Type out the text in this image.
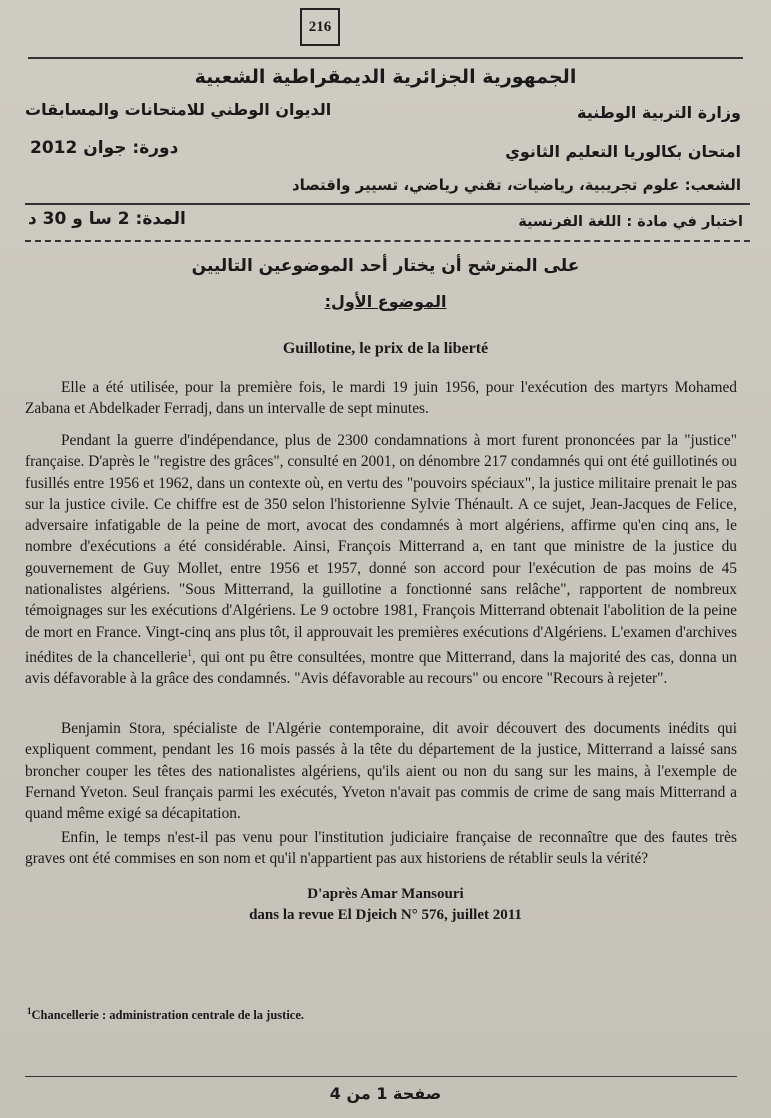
216
الجمهورية الجزائرية الديمقراطية الشعبية
وزارة التربية الوطنية
الديوان الوطني للامتحانات والمسابقات
امتحان بكالوريا التعليم الثانوي
دورة: جوان 2012
الشعب: علوم تجريبية، رياضيات، تقني رياضي، تسيير واقتصاد
اختبار في مادة : اللغة الفرنسية
المدة: 2 سا و 30 د
على المترشح أن يختار أحد الموضوعين التاليين
الموضوع الأول:
Guillotine, le prix de la liberté
Elle a été utilisée, pour la première fois, le mardi 19 juin 1956, pour l'exécution des martyrs Mohamed Zabana et Abdelkader Ferradj, dans un intervalle de sept minutes.
Pendant la guerre d'indépendance, plus de 2300 condamnations à mort furent prononcées par la "justice" française. D'après le "registre des grâces", consulté en 2001, on dénombre 217 condamnés qui ont été guillotinés ou fusillés entre 1956 et 1962, dans un contexte où, en vertu des "pouvoirs spéciaux", la justice militaire prenait le pas sur la justice civile. Ce chiffre est de 350 selon l'historienne Sylvie Thénault. A ce sujet, Jean-Jacques de Felice, adversaire infatigable de la peine de mort, avocat des condamnés à mort algériens, affirme qu'en cinq ans, le nombre d'exécutions a été considérable. Ainsi, François Mitterrand a, en tant que ministre de la justice du gouvernement de Guy Mollet, entre 1956 et 1957, donné son accord pour l'exécution de pas moins de 45 nationalistes algériens. "Sous Mitterrand, la guillotine a fonctionné sans relâche", rapportent de nombreux témoignages sur les exécutions d'Algériens. Le 9 octobre 1981, François Mitterrand obtenait l'abolition de la peine de mort en France. Vingt-cinq ans plus tôt, il approuvait les premières exécutions d'Algériens. L'examen d'archives inédites de la chancellerie$^1$, qui ont pu être consultées, montre que Mitterrand, dans la majorité des cas, donna un avis défavorable à la grâce des condamnés. "Avis défavorable au recours" ou encore "Recours à rejeter".
Benjamin Stora, spécialiste de l'Algérie contemporaine, dit avoir découvert des documents inédits qui expliquent comment, pendant les 16 mois passés à la tête du département de la justice, Mitterrand a laissé sans broncher couper les têtes des nationalistes algériens, qu'ils aient ou non du sang sur les mains, à l'exemple de Fernand Yveton. Seul français parmi les exécutés, Yveton n'avait pas commis de crime de sang mais Mitterrand a quand même exigé sa décapitation.
Enfin, le temps n'est-il pas venu pour l'institution judiciaire française de reconnaître que des fautes très graves ont été commises en son nom et qu'il n'appartient pas aux historiens de rétablir seuls la vérité?
D'après Amar Mansouri
dans la revue El Djeich N° 576, juillet 2011
$^1$Chancellerie : administration centrale de la justice.
صفحة 1 من 4
